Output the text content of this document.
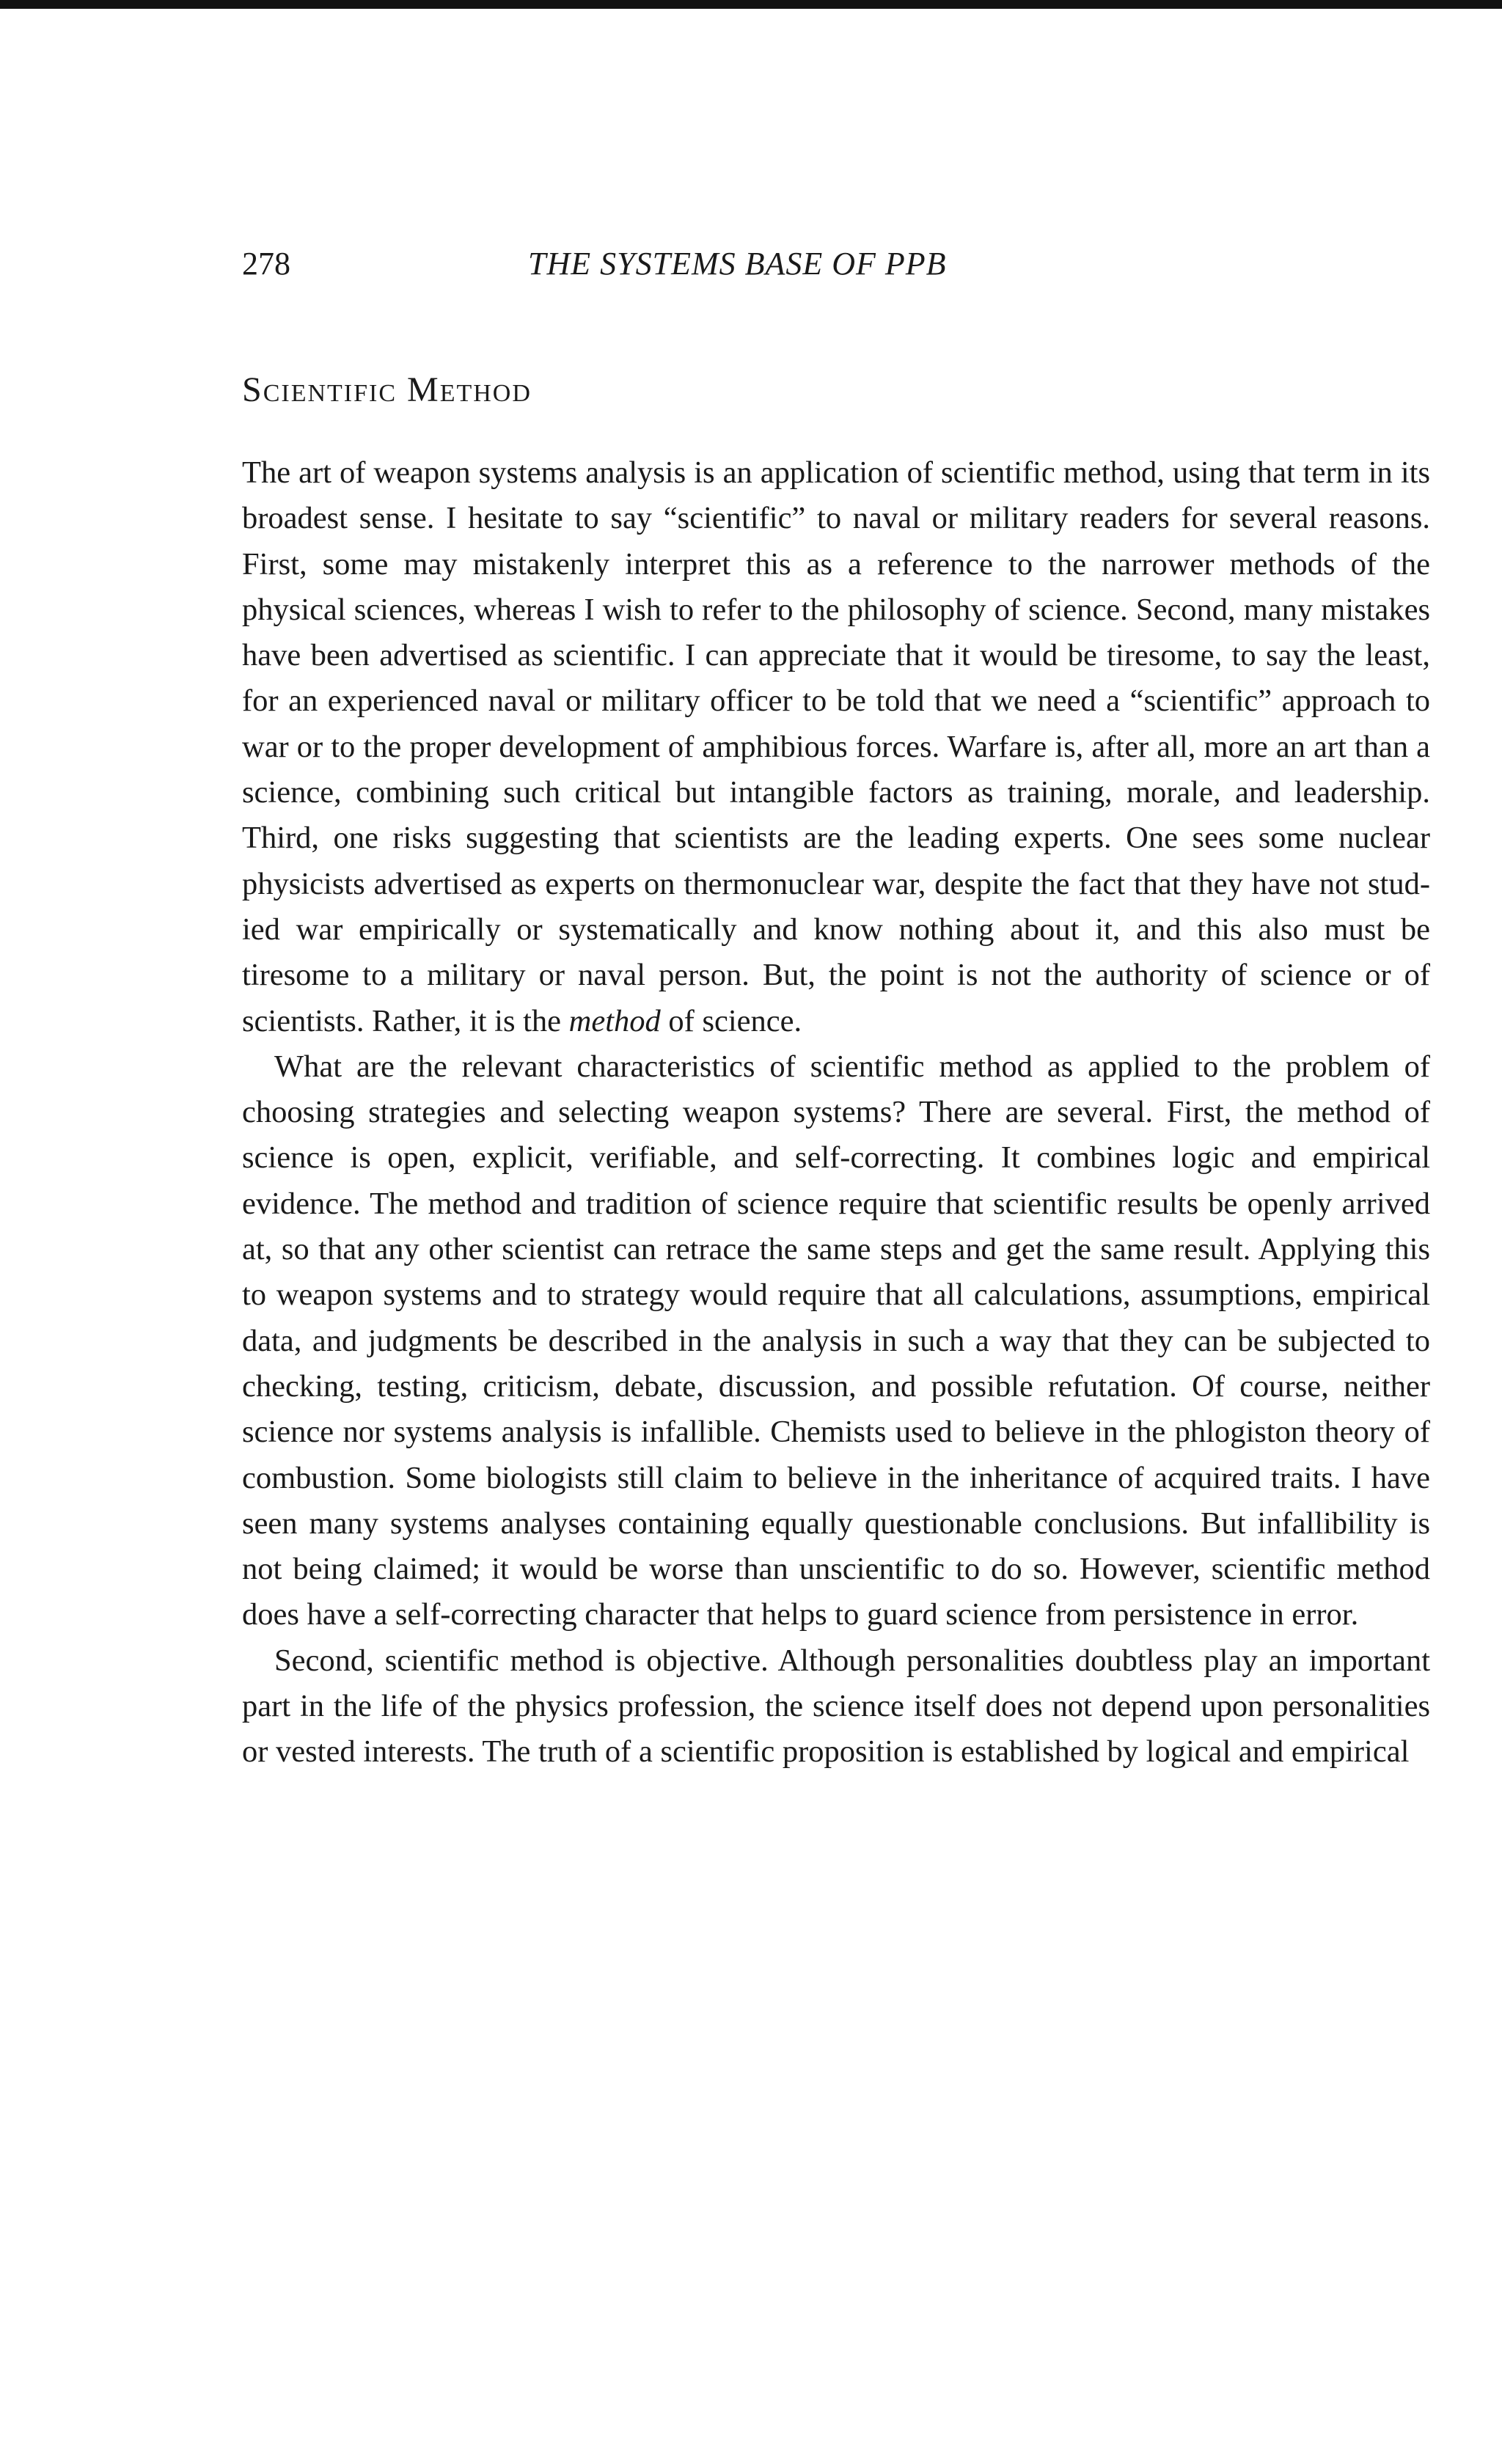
278	THE SYSTEMS BASE OF PPB
Scientific Method

The art of weapon systems analysis is an application of scientific method, using that term in its broadest sense. I hesitate to say “scientific” to naval or military readers for several reasons. First, some may mistakenly interpret this as a reference to the narrower methods of the physical sciences, whereas I wish to refer to the philosophy of science. Second, many mistakes have been advertised as scientific. I can appreciate that it would be tiresome, to say the least, for an experienced naval or military officer to be told that we need a “scientific” approach to war or to the proper development of amphibious forces. Warfare is, after all, more an art than a science, combining such critical but intangible factors as training, morale, and leadership. Third, one risks suggesting that scientists are the leading experts. One sees some nuclear physicists advertised as experts on thermonuclear war, despite the fact that they have not studied war empirically or systematically and know nothing about it, and this also must be tiresome to a military or naval person. But, the point is not the authority of science or of scientists. Rather, it is the method of science.

What are the relevant characteristics of scientific method as applied to the problem of choosing strategies and selecting weapon systems? There are several. First, the method of science is open, explicit, verifiable, and self-correcting. It combines logic and empirical evidence. The method and tradition of science require that scientific results be openly arrived at, so that any other scientist can retrace the same steps and get the same result. Applying this to weapon systems and to strategy would require that all calculations, assumptions, empirical data, and judgments be described in the analysis in such a way that they can be subjected to checking, testing, criticism, debate, discussion, and possible refutation. Of course, neither science nor systems analysis is infallible. Chemists used to believe in the phlogiston theory of combustion. Some biologists still claim to believe in the inheritance of acquired traits. I have seen many systems analyses containing equally questionable conclusions. But infallibility is not being claimed; it would be worse than unscientific to do so. However, scientific method does have a self-correcting character that helps to guard science from persistence in error.

Second, scientific method is objective. Although personalities doubtless play an important part in the life of the physics profession, the science itself does not depend upon personalities or vested interests. The truth of a scientific proposition is established by logical and empirical
